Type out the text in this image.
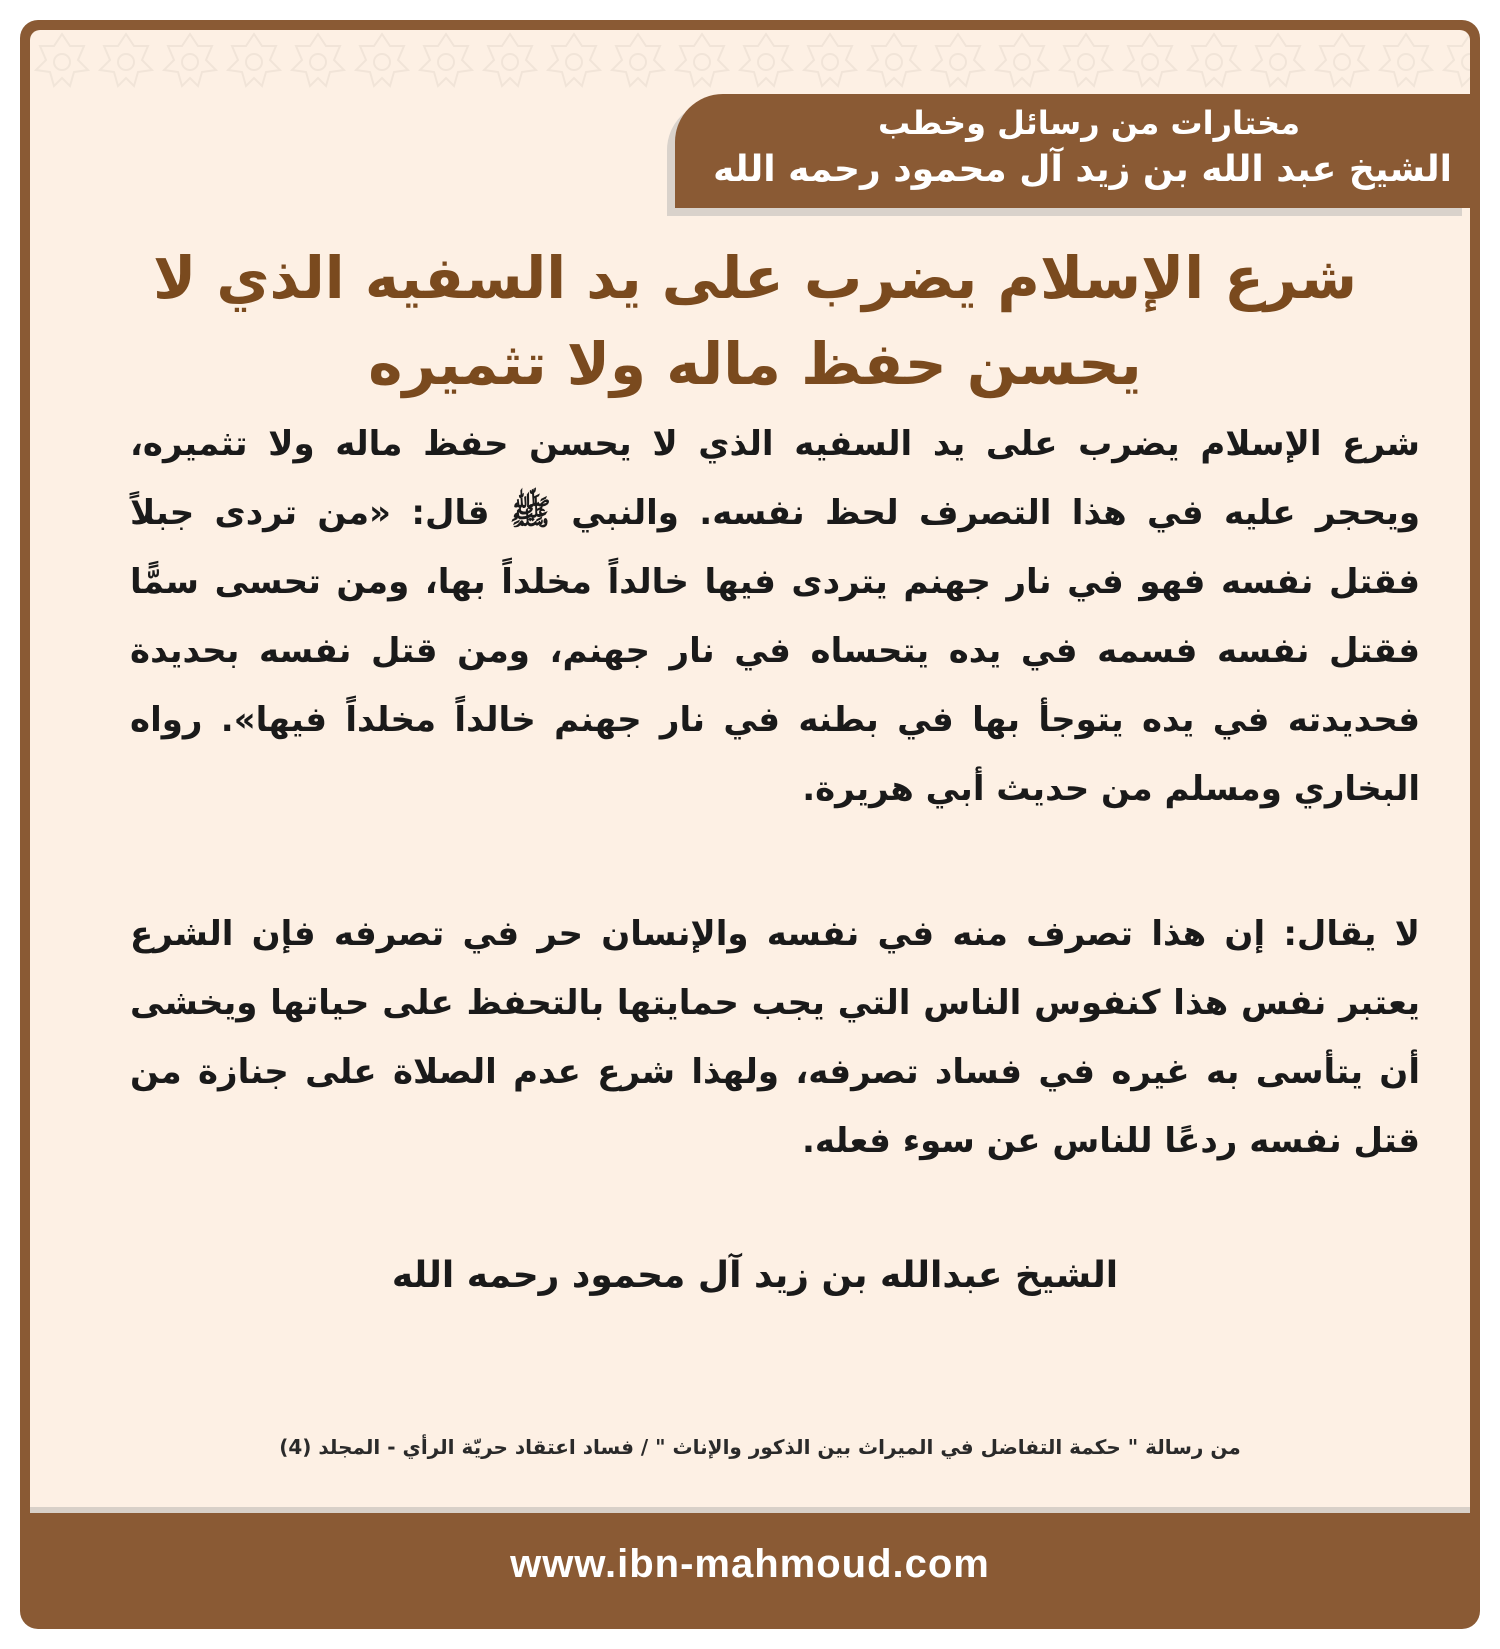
مختارات من رسائل وخطب
الشيخ عبد الله بن زيد آل محمود رحمه الله
شرع الإسلام يضرب على يد السفيه الذي لا يحسن حفظ ماله ولا تثميره

شرع الإسلام يضرب على يد السفيه الذي لا يحسن حفظ ماله ولا تثميره، ويحجر عليه في هذا التصرف لحظ نفسه. والنبي ﷺ قال: «من تردى جبلاً فقتل نفسه فهو في نار جهنم يتردى فيها خالداً مخلداً بها، ومن تحسى سمًّا فقتل نفسه فسمه في يده يتحساه في نار جهنم، ومن قتل نفسه بحديدة فحديدته في يده يتوجأ بها في بطنه في نار جهنم خالداً مخلداً فيها». رواه البخاري ومسلم من حديث أبي هريرة.

لا يقال: إن هذا تصرف منه في نفسه والإنسان حر في تصرفه فإن الشرع يعتبر نفس هذا كنفوس الناس التي يجب حمايتها بالتحفظ على حياتها ويخشى أن يتأسى به غيره في فساد تصرفه، ولهذا شرع عدم الصلاة على جنازة من قتل نفسه ردعًا للناس عن سوء فعله.

الشيخ عبدالله بن زيد آل محمود رحمه الله
من رسالة " حكمة التفاضل في الميراث بين الذكور والإناث " / فساد اعتقاد حريّة الرأي - المجلد (4)
www.ibn-mahmoud.com
